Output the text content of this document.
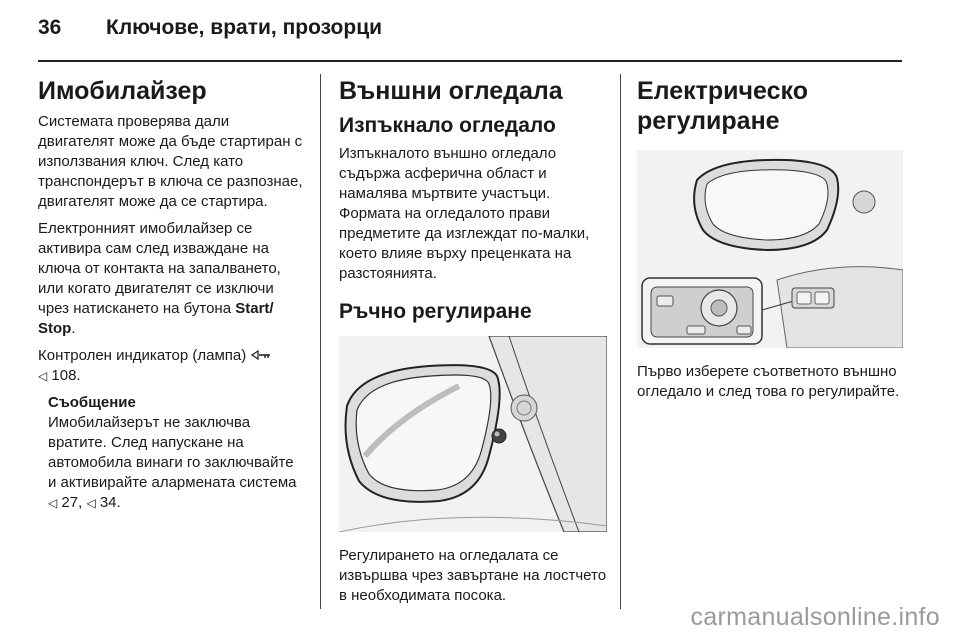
36	Ключове, врати, прозорци
Имобилайзер

Системата проверява дали двигателят може да бъде стартиран с използвания ключ. След като транспондерът в ключа се разпознае, двигателят може да се стартира.

Електронният имобилайзер се активира сам след изваждане на ключа от контакта на запалването, или когато двигателят се изключи чрез натискането на бутона Start/ Stop.

Контролен индикатор (лампа)
◁ 108.

Съобщение

Имобилайзерът не заключва вратите. След напускане на автомобила винаги го заключвайте и активирайте алармената система ◁ 27, ◁ 34.

Външни огледала
Изпъкнало огледало

Изпъкналото външно огледало съдържа асферична област и намалява мъртвите участъци. Формата на огледалото прави предметите да изглеждат по-малки, което влияе върху преценката на разстоянията.

Ръчно регулиране

Регулирането на огледалата се извършва чрез завъртане на лостчето в необходимата посока.

Електрическо регулиране

Първо изберете съответното външно огледало и след това го регулирайте.

carmanualsonline.info
